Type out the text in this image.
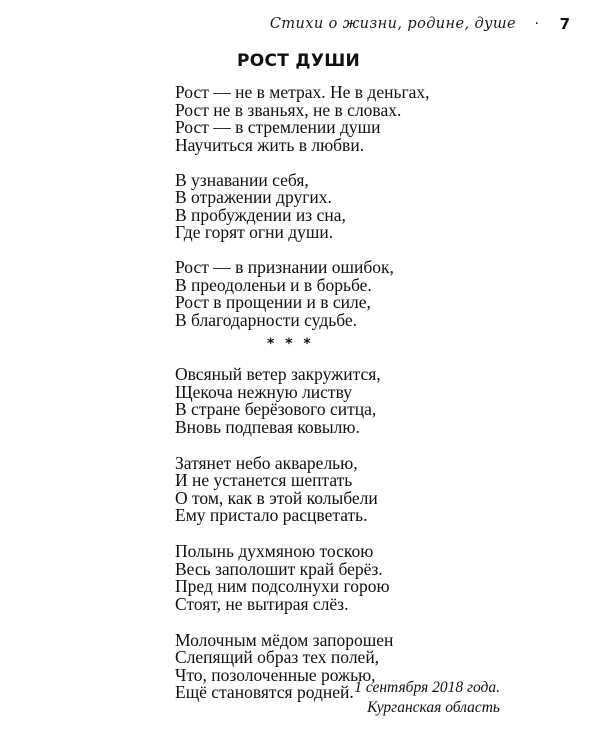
Стихи о жизни, родине, душе · 7
РОСТ ДУШИ
Рост — не в метрах. Не в деньгах,
Рост не в званьях, не в словах.
Рост — в стремлении души
Научиться жить в любви.
В узнавании себя,
В отражении других.
В пробуждении из сна,
Где горят огни души.
Рост — в признании ошибок,
В преодоленьи и в борьбе.
Рост в прощении и в силе,
В благодарности судьбе.
* * *
Овсяный ветер закружится,
Щекоча нежную листву
В стране берёзового ситца,
Вновь подпевая ковылю.
Затянет небо акварелью,
И не устанется шептать
О том, как в этой колыбели
Ему пристало расцветать.
Полынь духмяною тоскою
Весь заполошит край берёз.
Пред ним подсолнухи горою
Стоят, не вытирая слёз.
Молочным мёдом запорошен
Слепящий образ тех полей,
Что, позолоченные рожью,
Ещё становятся родней. 1 сентября 2018 года.
Курганская область
